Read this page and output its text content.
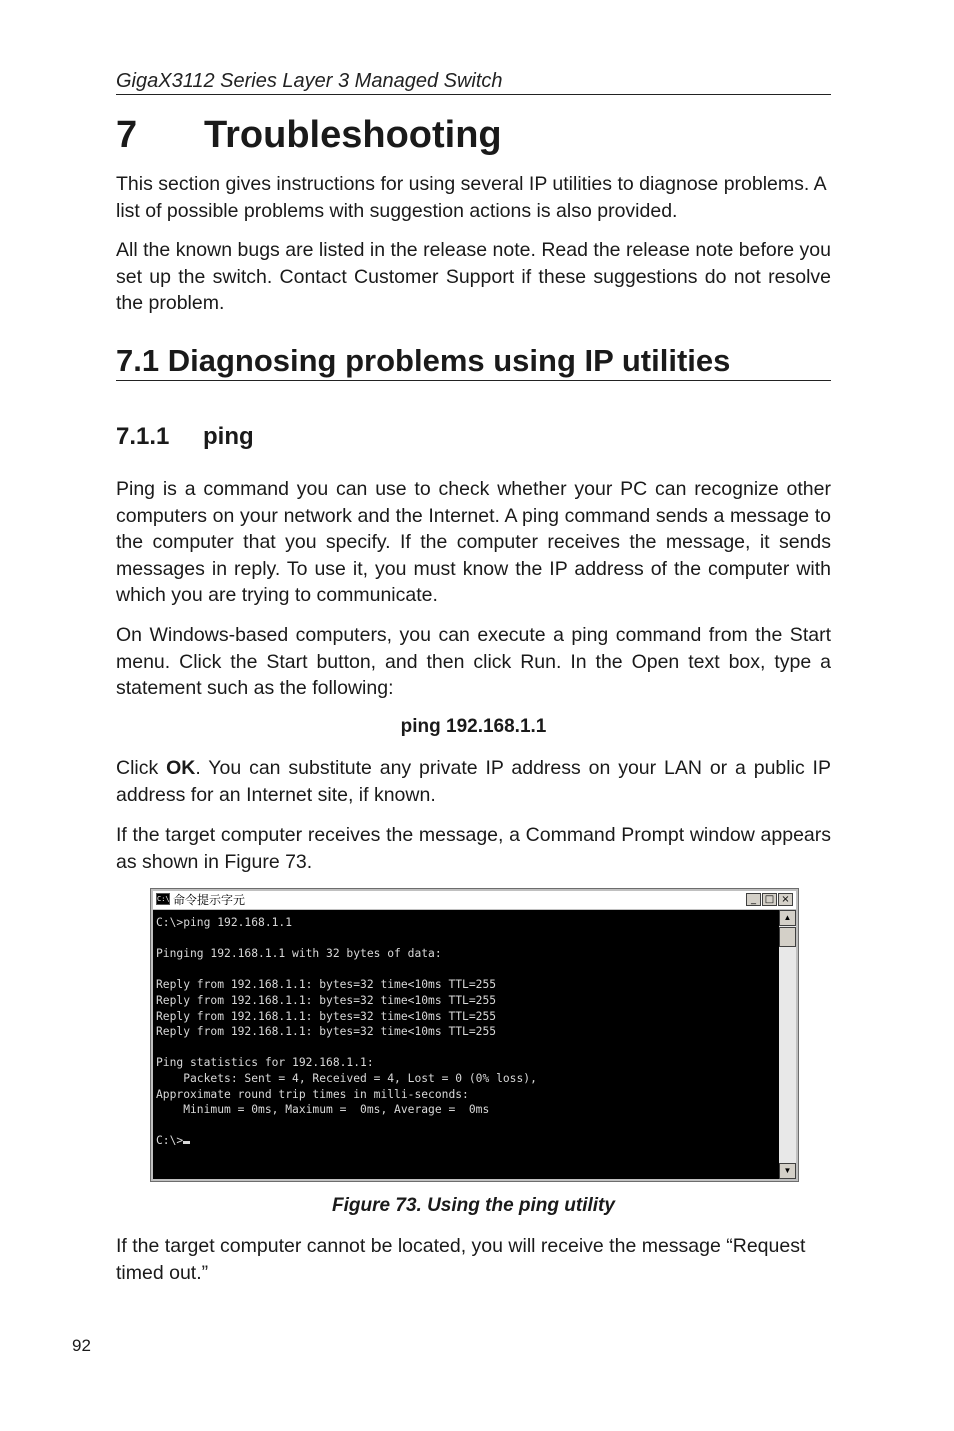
GigaX3112 Series Layer 3 Managed Switch
7 Troubleshooting

This section gives instructions for using several IP utilities to diagnose problems. A list of possible problems with suggestion actions is also provided.

All the known bugs are listed in the release note. Read the release note before you set up the switch. Contact Customer Support if these suggestions do not resolve the problem.

7.1 Diagnosing problems using IP utilities
7.1.1 ping

Ping is a command you can use to check whether your PC can recognize other computers on your network and the Internet. A ping command sends a message to the computer that you specify. If the computer receives the message, it sends messages in reply. To use it, you must know the IP address of the computer with which you are trying to communicate.

On Windows-based computers, you can execute a ping command from the Start menu. Click the Start button, and then click Run. In the Open text box, type a statement such as the following:

ping 192.168.1.1

Click OK. You can substitute any private IP address on your LAN or a public IP address for an Internet site, if known.

If the target computer receives the message, a Command Prompt window appears as shown in Figure 73.

C:\ 命令提示字元	_ □ ×
C:\>ping 192.168.1.1

Pinging 192.168.1.1 with 32 bytes of data:

Reply from 192.168.1.1: bytes=32 time<10ms TTL=255
Reply from 192.168.1.1: bytes=32 time<10ms TTL=255
Reply from 192.168.1.1: bytes=32 time<10ms TTL=255
Reply from 192.168.1.1: bytes=32 time<10ms TTL=255

Ping statistics for 192.168.1.1:
Packets: Sent = 4, Received = 4, Lost = 0 (0% loss),
Approximate round trip times in milli-seconds:
Minimum = 0ms, Maximum =  0ms, Average =  0ms

C:\>
▲
▼
Figure 73. Using the ping utility

If the target computer cannot be located, you will receive the message “Request timed out.”

92
